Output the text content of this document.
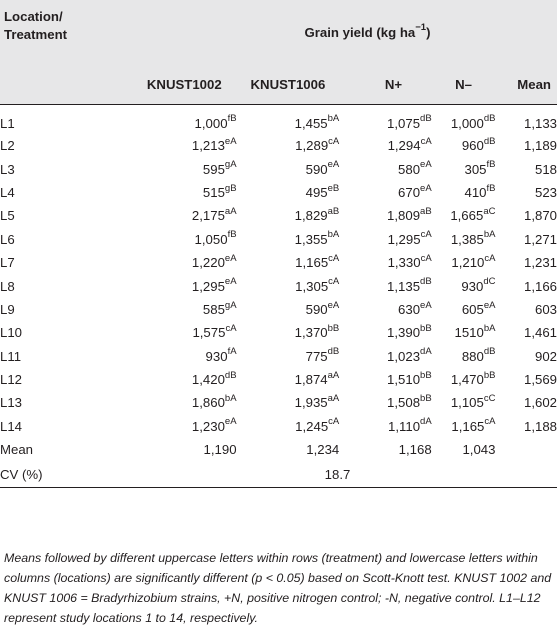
Location/
Treatment	Grain yield (kg $ha^{-1}$)				
	KNUST1002	KNUST1006	N+	N–	Mean
L1	$1,000^{fB}$	$1,455^{bA}$	$1,075^{dB}$	$1,000^{dB}$	1,133
L2	$1,213^{eA}$	$1,289^{cA}$	$1,294^{cA}$	$960^{dB}$	1,189
L3	$595^{gA}$	$590^{eA}$	$580^{eA}$	$305^{fB}$	518
L4	$515^{gB}$	$495^{eB}$	$670^{eA}$	$410^{fB}$	523
L5	$2,175^{aA}$	$1,829^{aB}$	$1,809^{aB}$	$1,665^{aC}$	1,870
L6	$1,050^{fB}$	$1,355^{bA}$	$1,295^{cA}$	$1,385^{bA}$	1,271
L7	$1,220^{eA}$	$1,165^{cA}$	$1,330^{cA}$	$1,210^{cA}$	1,231
L8	$1,295^{eA}$	$1,305^{cA}$	$1,135^{dB}$	$930^{dC}$	1,166
L9	$585^{gA}$	$590^{eA}$	$630^{eA}$	$605^{eA}$	603
L10	$1,575^{cA}$	$1,370^{bB}$	$1,390^{bB}$	$1510^{bA}$	1,461
L11	$930^{fA}$	$775^{dB}$	$1,023^{dA}$	$880^{dB}$	902
L12	$1,420^{dB}$	$1,874^{aA}$	$1,510^{bB}$	$1,470^{bB}$	1,569
L13	$1,860^{bA}$	$1,935^{aA}$	$1,508^{bB}$	$1,105^{cC}$	1,602
L14	$1,230^{eA}$	$1,245^{cA}$	$1,110^{dA}$	$1,165^{cA}$	1,188
Mean	1,190	1,234	1,168	1,043	
CV (%)	18.7				
Means followed by different uppercase letters within rows (treatment) and lowercase letters within columns (locations) are significantly different (p < 0.05) based on Scott-Knott test. KNUST 1002 and KNUST 1006 = Bradyrhizobium strains, +N, positive nitrogen control; -N, negative control. L1–L12 represent study locations 1 to 14, respectively.
